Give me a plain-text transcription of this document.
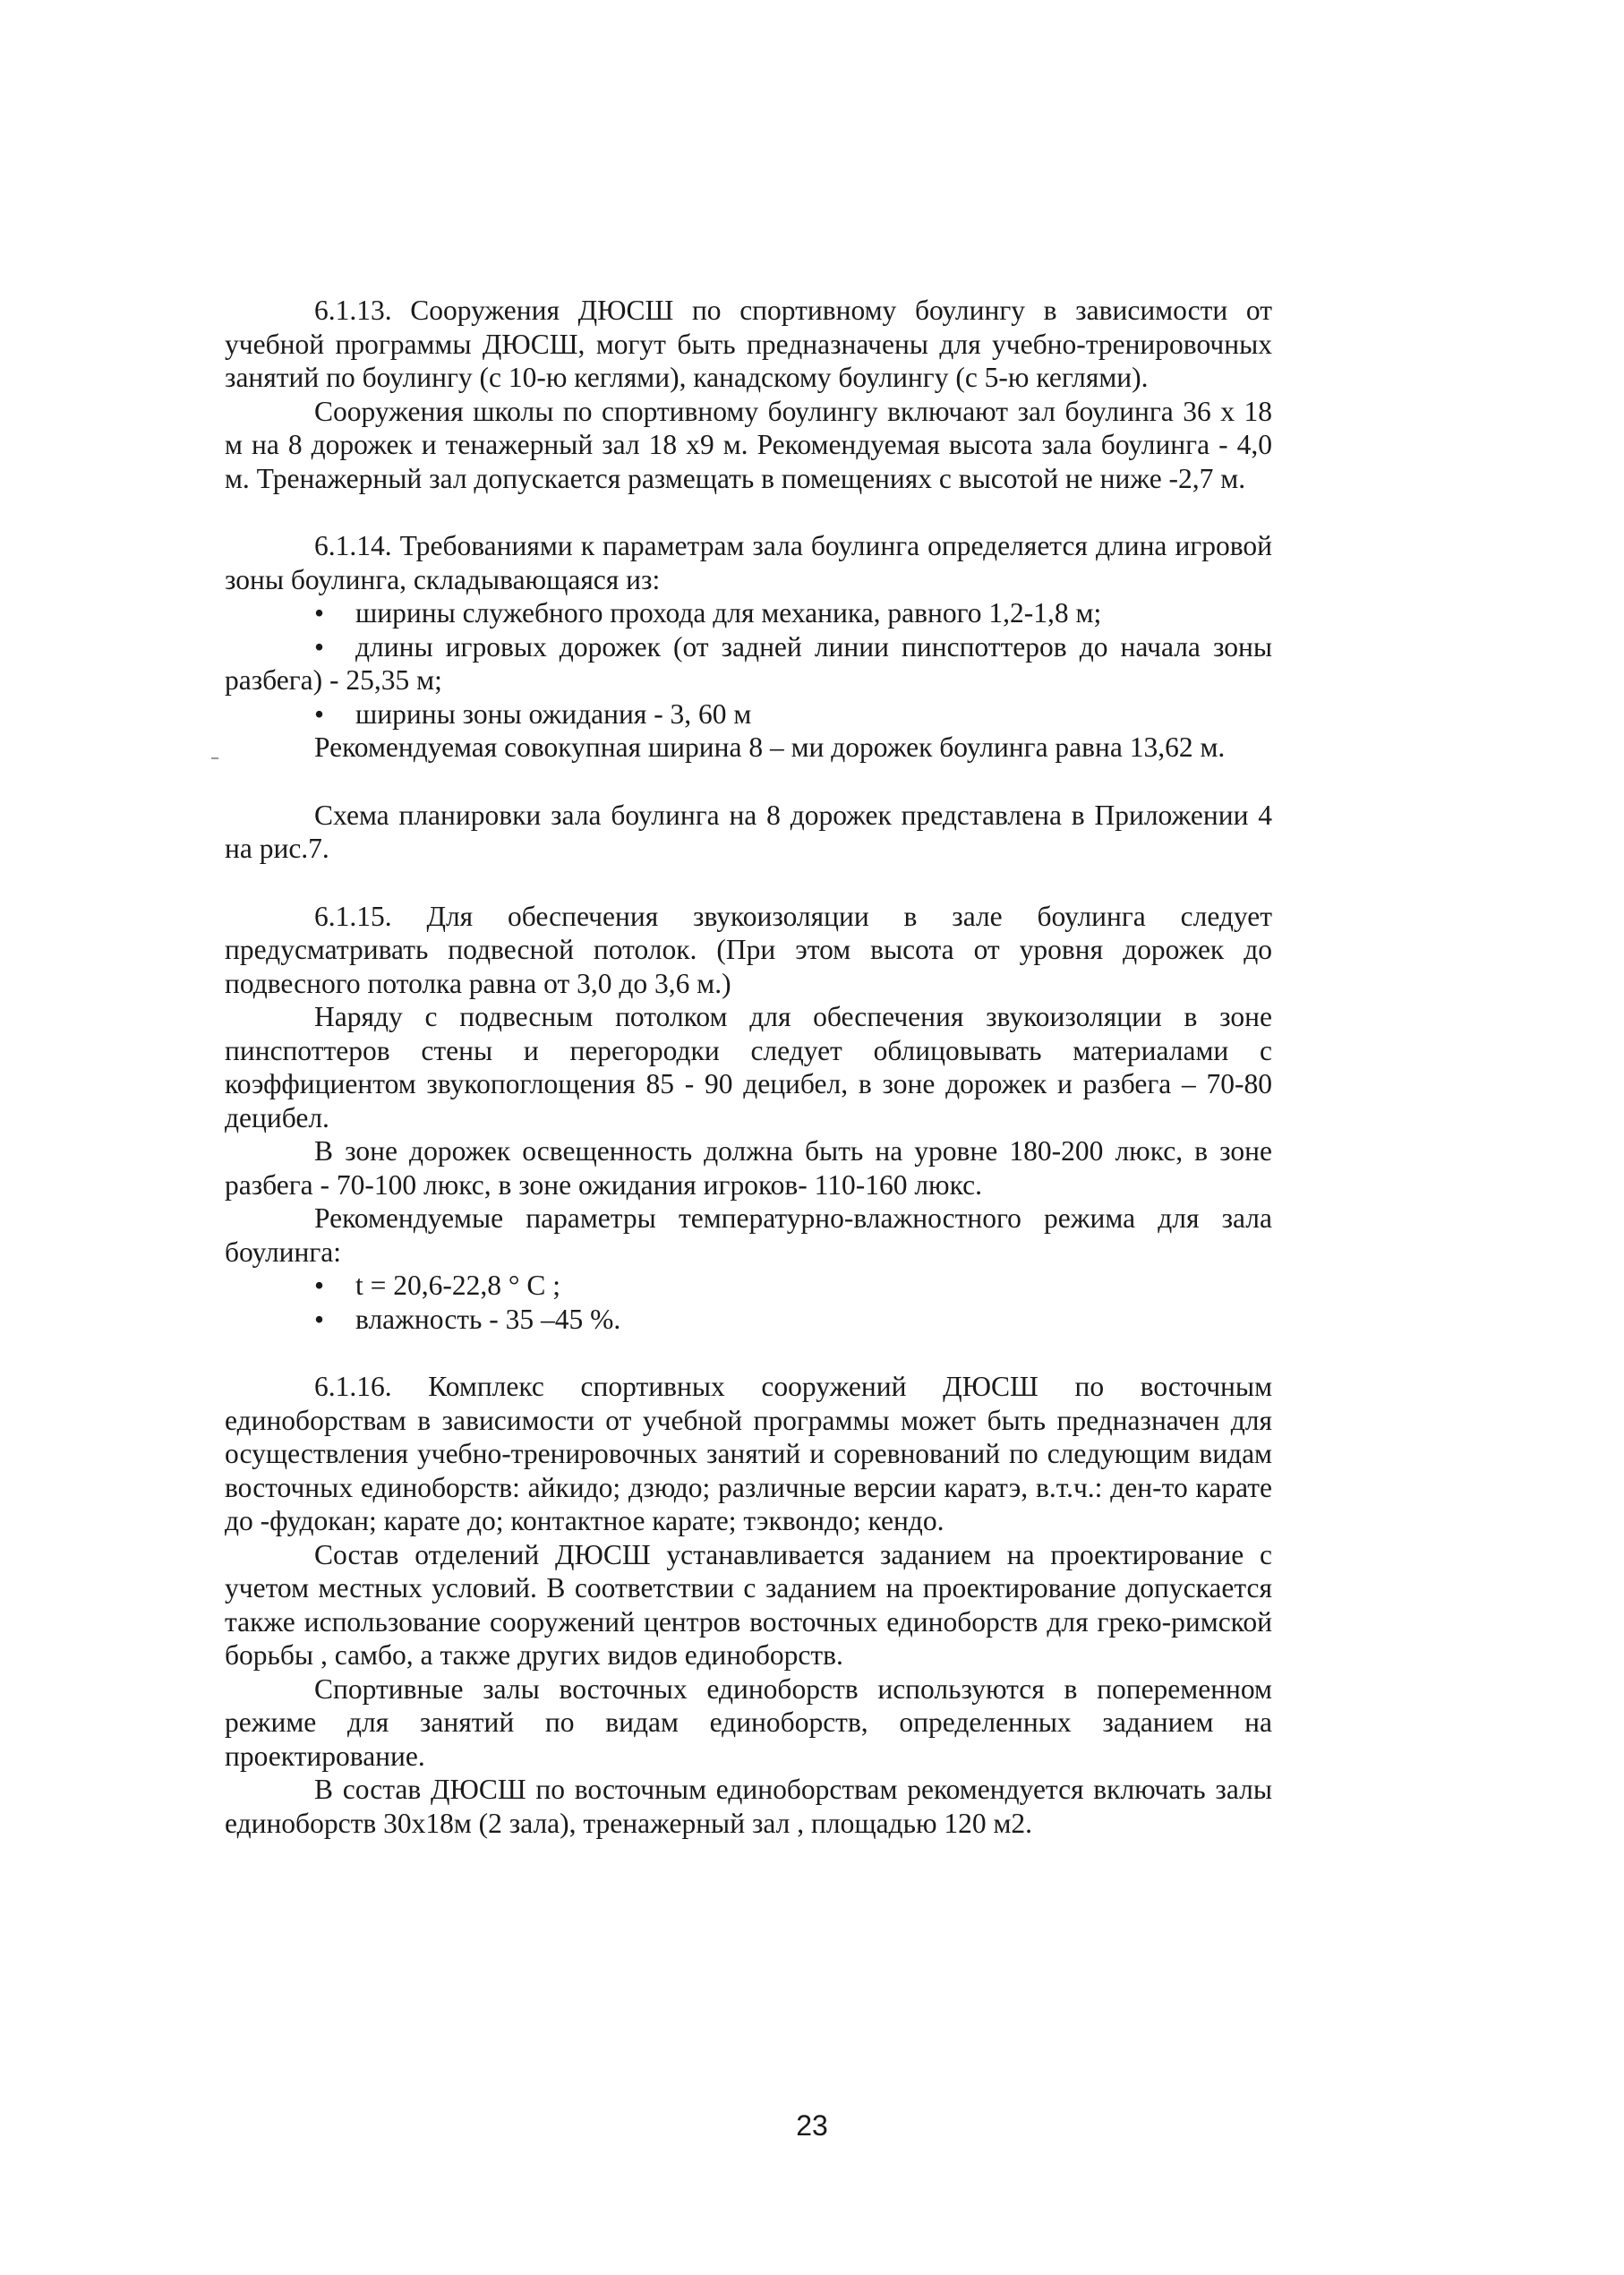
6.1.13. Сооружения ДЮСШ по спортивному боулингу в зависимости от учебной программы ДЮСШ, могут быть предназначены для учебно-тренировочных занятий по боулингу (с 10-ю кеглями), канадскому боулингу (с 5-ю кеглями).

Сооружения школы по спортивному боулингу включают зал боулинга 36 х 18 м на 8 дорожек и тенажерный зал 18 х9 м. Рекомендуемая высота зала боулинга - 4,0 м. Тренажерный зал допускается размещать в помещениях с высотой не ниже -2,7 м.

6.1.14. Требованиями к параметрам зала боулинга определяется длина игровой зоны боулинга, складывающаяся из:

• ширины служебного прохода для механика, равного 1,2-1,8 м;
• длины игровых дорожек (от задней линии пинспоттеров до начала зоны разбега) - 25,35 м;
• ширины зоны ожидания - 3, 60 м

Рекомендуемая совокупная ширина 8 – ми дорожек боулинга равна 13,62 м.

Схема планировки зала боулинга на 8 дорожек представлена в Приложении 4 на рис.7.

6.1.15. Для обеспечения звукоизоляции в зале боулинга следует предусматривать подвесной потолок. (При этом высота от уровня дорожек до подвесного потолка равна от 3,0 до 3,6 м.)

Наряду с подвесным потолком для обеспечения звукоизоляции в зоне пинспоттеров стены и перегородки следует облицовывать материалами с коэффициентом звукопоглощения 85 - 90 децибел, в зоне дорожек и разбега – 70-80 децибел.

В зоне дорожек освещенность должна быть на уровне 180-200 люкс, в зоне разбега - 70-100 люкс, в зоне ожидания игроков- 110-160 люкс.

Рекомендуемые параметры температурно-влажностного режима для зала боулинга:

• t = 20,6-22,8 ° С ;
• влажность - 35 –45 %.

6.1.16. Комплекс спортивных сооружений ДЮСШ по восточным единоборствам в зависимости от учебной программы может быть предназначен для осуществления учебно-тренировочных занятий и соревнований по следующим видам восточных единоборств: айкидо; дзюдо; различные версии каратэ, в.т.ч.: ден-то карате до -фудокан; карате до; контактное карате; тэквондо; кендо.

Состав отделений ДЮСШ устанавливается заданием на проектирование с учетом местных условий. В соответствии с заданием на проектирование допускается также использование сооружений центров восточных единоборств для греко-римской борьбы , самбо, а также других видов единоборств.

Спортивные залы восточных единоборств используются в попеременном режиме для занятий по видам единоборств, определенных заданием на проектирование.

В состав ДЮСШ по восточным единоборствам рекомендуется включать залы единоборств 30х18м (2 зала), тренажерный зал , площадью 120 м2.

23
